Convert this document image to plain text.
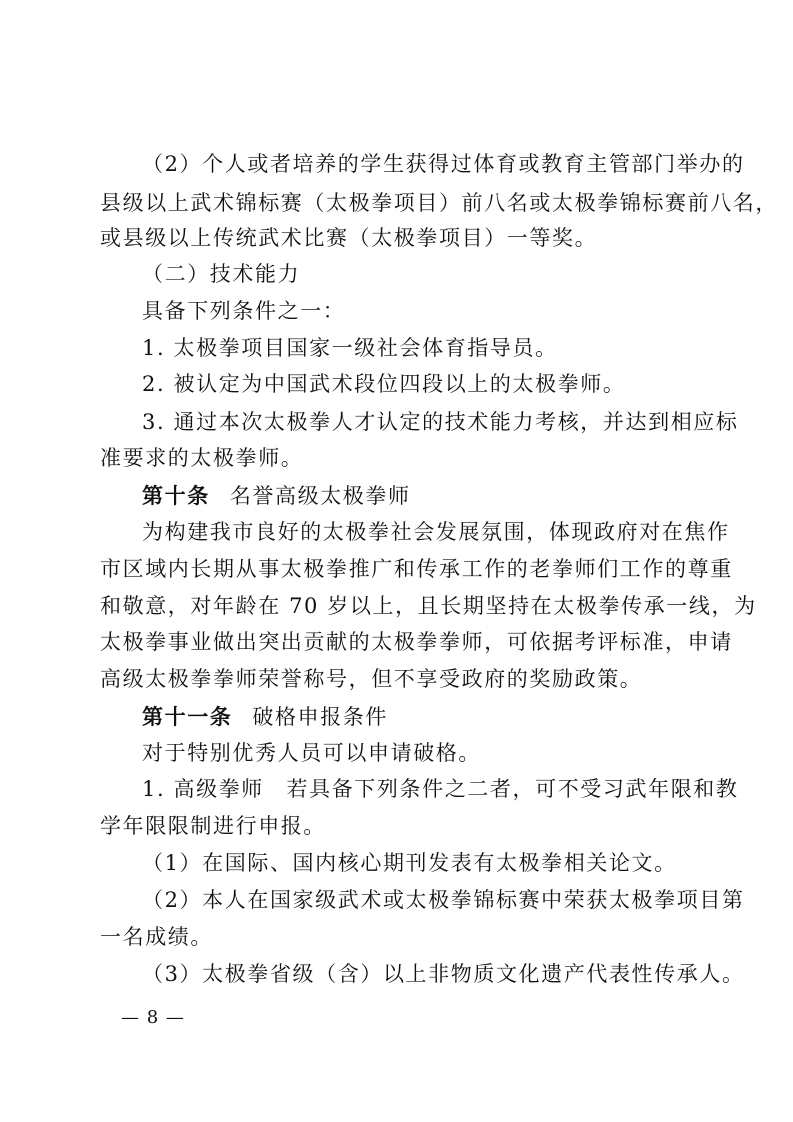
（2）个人或者培养的学生获得过体育或教育主管部门举办的
县级以上武术锦标赛（太极拳项目）前八名或太极拳锦标赛前八名，
或县级以上传统武术比赛（太极拳项目）一等奖。
（二）技术能力
具备下列条件之一：
1. 太极拳项目国家一级社会体育指导员。
2. 被认定为中国武术段位四段以上的太极拳师。
3. 通过本次太极拳人才认定的技术能力考核，并达到相应标
准要求的太极拳师。
第十条 名誉高级太极拳师
为构建我市良好的太极拳社会发展氛围，体现政府对在焦作
市区域内长期从事太极拳推广和传承工作的老拳师们工作的尊重
和敬意，对年龄在 70 岁以上，且长期坚持在太极拳传承一线，为
太极拳事业做出突出贡献的太极拳拳师，可依据考评标准，申请
高级太极拳拳师荣誉称号，但不享受政府的奖励政策。
第十一条 破格申报条件
对于特别优秀人员可以申请破格。
1. 高级拳师　若具备下列条件之二者，可不受习武年限和教
学年限限制进行申报。
（1）在国际、国内核心期刊发表有太极拳相关论文。
（2）本人在国家级武术或太极拳锦标赛中荣获太极拳项目第
一名成绩。
（3）太极拳省级（含）以上非物质文化遗产代表性传承人。
— 8 —
